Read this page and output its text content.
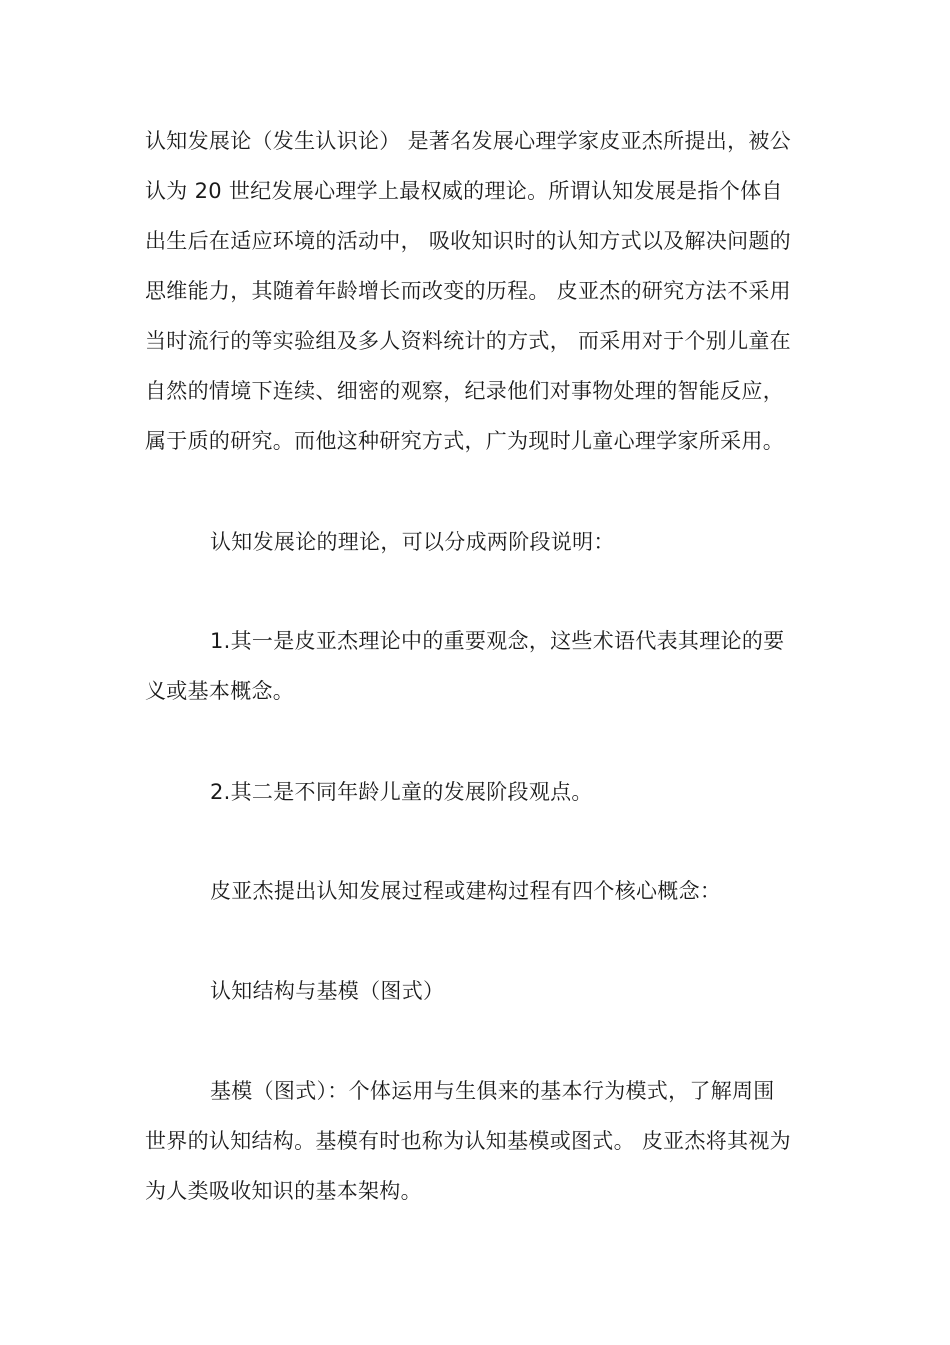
认知发展论（发生认识论） 是著名发展心理学家皮亚杰所提出，被公
认为 20 世纪发展心理学上最权威的理论。所谓认知发展是指个体自
出生后在适应环境的活动中， 吸收知识时的认知方式以及解决问题的
思维能力，其随着年龄增长而改变的历程。 皮亚杰的研究方法不采用
当时流行的等实验组及多人资料统计的方式， 而采用对于个别儿童在
自然的情境下连续、细密的观察，纪录他们对事物处理的智能反应，
属于质的研究。而他这种研究方式，广为现时儿童心理学家所采用。
认知发展论的理论，可以分成两阶段说明：
1.其一是皮亚杰理论中的重要观念，这些术语代表其理论的要
义或基本概念。
2.其二是不同年龄儿童的发展阶段观点。
皮亚杰提出认知发展过程或建构过程有四个核心概念：
认知结构与基模（图式）
基模（图式）：个体运用与生俱来的基本行为模式，了解周围
世界的认知结构。基模有时也称为认知基模或图式。 皮亚杰将其视为
为人类吸收知识的基本架构。
